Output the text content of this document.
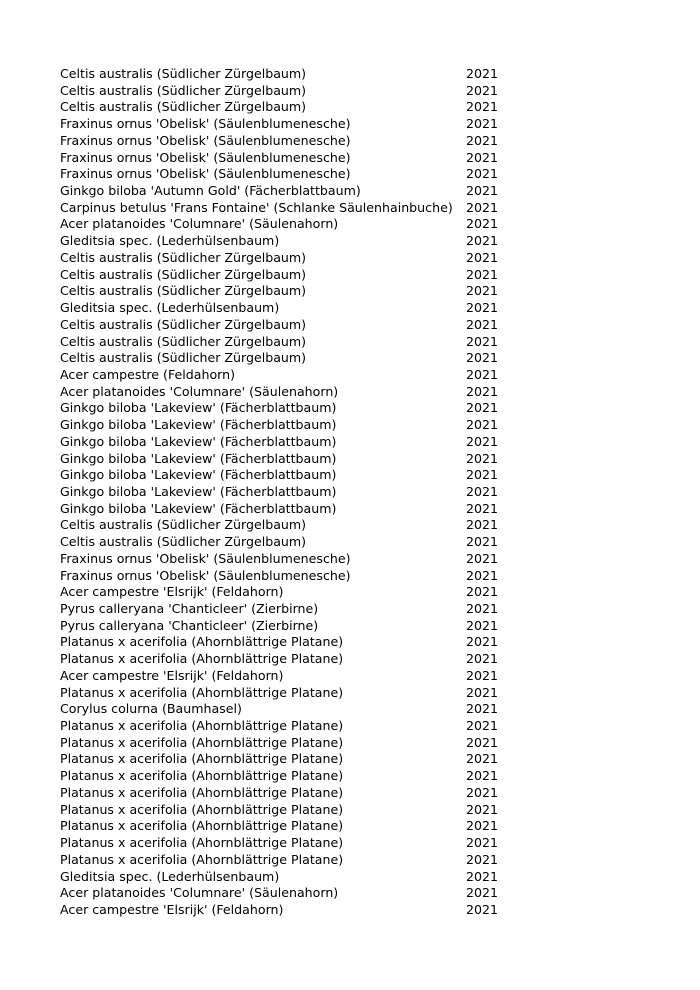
Celtis australis (Südlicher Zürgelbaum)	2021
Celtis australis (Südlicher Zürgelbaum)	2021
Celtis australis (Südlicher Zürgelbaum)	2021
Fraxinus ornus 'Obelisk' (Säulenblumenesche)	2021
Fraxinus ornus 'Obelisk' (Säulenblumenesche)	2021
Fraxinus ornus 'Obelisk' (Säulenblumenesche)	2021
Fraxinus ornus 'Obelisk' (Säulenblumenesche)	2021
Ginkgo biloba 'Autumn Gold' (Fächerblattbaum)	2021
Carpinus betulus 'Frans Fontaine' (Schlanke Säulenhainbuche)	2021
Acer platanoides 'Columnare' (Säulenahorn)	2021
Gleditsia spec. (Lederhülsenbaum)	2021
Celtis australis (Südlicher Zürgelbaum)	2021
Celtis australis (Südlicher Zürgelbaum)	2021
Celtis australis (Südlicher Zürgelbaum)	2021
Gleditsia spec. (Lederhülsenbaum)	2021
Celtis australis (Südlicher Zürgelbaum)	2021
Celtis australis (Südlicher Zürgelbaum)	2021
Celtis australis (Südlicher Zürgelbaum)	2021
Acer campestre (Feldahorn)	2021
Acer platanoides 'Columnare' (Säulenahorn)	2021
Ginkgo biloba 'Lakeview' (Fächerblattbaum)	2021
Ginkgo biloba 'Lakeview' (Fächerblattbaum)	2021
Ginkgo biloba 'Lakeview' (Fächerblattbaum)	2021
Ginkgo biloba 'Lakeview' (Fächerblattbaum)	2021
Ginkgo biloba 'Lakeview' (Fächerblattbaum)	2021
Ginkgo biloba 'Lakeview' (Fächerblattbaum)	2021
Ginkgo biloba 'Lakeview' (Fächerblattbaum)	2021
Celtis australis (Südlicher Zürgelbaum)	2021
Celtis australis (Südlicher Zürgelbaum)	2021
Fraxinus ornus 'Obelisk' (Säulenblumenesche)	2021
Fraxinus ornus 'Obelisk' (Säulenblumenesche)	2021
Acer campestre 'Elsrijk' (Feldahorn)	2021
Pyrus calleryana 'Chanticleer' (Zierbirne)	2021
Pyrus calleryana 'Chanticleer' (Zierbirne)	2021
Platanus x acerifolia (Ahornblättrige Platane)	2021
Platanus x acerifolia (Ahornblättrige Platane)	2021
Acer campestre 'Elsrijk' (Feldahorn)	2021
Platanus x acerifolia (Ahornblättrige Platane)	2021
Corylus colurna (Baumhasel)	2021
Platanus x acerifolia (Ahornblättrige Platane)	2021
Platanus x acerifolia (Ahornblättrige Platane)	2021
Platanus x acerifolia (Ahornblättrige Platane)	2021
Platanus x acerifolia (Ahornblättrige Platane)	2021
Platanus x acerifolia (Ahornblättrige Platane)	2021
Platanus x acerifolia (Ahornblättrige Platane)	2021
Platanus x acerifolia (Ahornblättrige Platane)	2021
Platanus x acerifolia (Ahornblättrige Platane)	2021
Platanus x acerifolia (Ahornblättrige Platane)	2021
Gleditsia spec. (Lederhülsenbaum)	2021
Acer platanoides 'Columnare' (Säulenahorn)	2021
Acer campestre 'Elsrijk' (Feldahorn)	2021
